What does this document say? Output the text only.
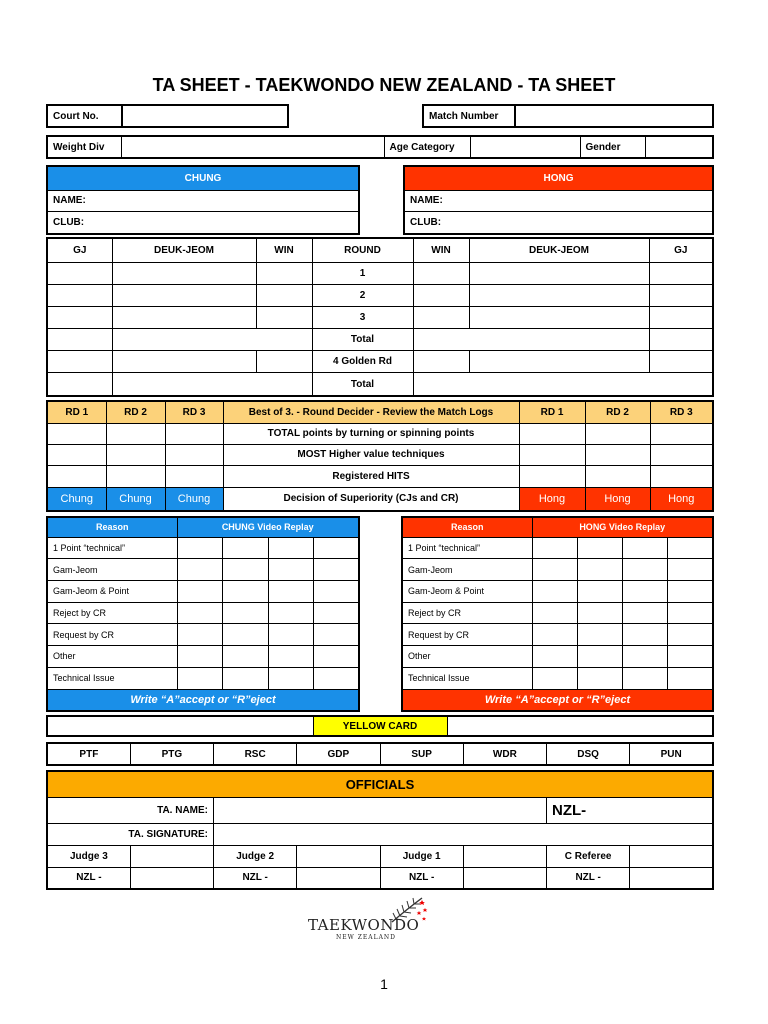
TA SHEET - TAEKWONDO NEW ZEALAND - TA SHEET
Court No.			Match Number	
Weight Div		Age Category		Gender	
CHUNG
NAME:
CLUB:
HONG
NAME:
CLUB:
GJ	DEUK-JEOM	WIN	ROUND	WIN	DEUK-JEOM	GJ
			1			
			2			
			3			
			Total			
			4 Golden Rd			
			Total			
RD 1	RD 2	RD 3	Best of 3. - Round Decider - Review the Match Logs	RD 1	RD 2	RD 3
			TOTAL points by turning or spinning points			
			MOST Higher value techniques			
			Registered HITS			
Chung	Chung	Chung	Decision of Superiority (CJs and CR)	Hong	Hong	Hong
Reason	CHUNG Video Replay			
1 Point “technical”				
Gam-Jeom				
Gam-Jeom & Point				
Reject by CR				
Request by CR				
Other				
Technical Issue				
Write “A”accept or “R”eject				
Reason	HONG Video Replay			
1 Point “technical”				
Gam-Jeom				
Gam-Jeom & Point				
Reject by CR				
Request by CR				
Other				
Technical Issue				
Write “A”accept or “R”eject				
	YELLOW CARD	
PTF	PTG	RSC	GDP	SUP	WDR	DSQ	PUN
OFFICIALS							
TA. NAME:						NZL-	
TA. SIGNATURE:							
Judge 3		Judge 2		Judge 1		C Referee	
NZL -		NZL -		NZL -		NZL -	
TAEKWONDO
NEW ZEALAND
1
